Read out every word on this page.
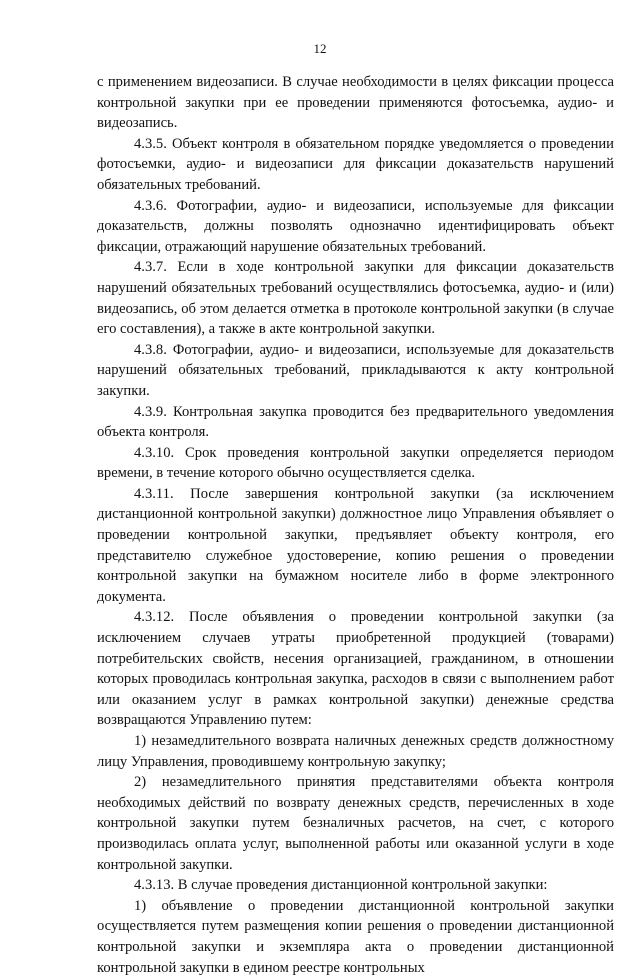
12

с применением видеозаписи. В случае необходимости в целях фиксации процесса контрольной закупки при ее проведении применяются фотосъемка, аудио- и видеозапись.

4.3.5. Объект контроля в обязательном порядке уведомляется о проведении фотосъемки, аудио- и видеозаписи для фиксации доказательств нарушений обязательных требований.

4.3.6. Фотографии, аудио- и видеозаписи, используемые для фиксации доказательств, должны позволять однозначно идентифицировать объект фиксации, отражающий нарушение обязательных требований.

4.3.7. Если в ходе контрольной закупки для фиксации доказательств нарушений обязательных требований осуществлялись фотосъемка, аудио- и (или) видеозапись, об этом делается отметка в протоколе контрольной закупки (в случае его составления), а также в акте контрольной закупки.

4.3.8. Фотографии, аудио- и видеозаписи, используемые для доказательств нарушений обязательных требований, прикладываются к акту контрольной закупки.

4.3.9. Контрольная закупка проводится без предварительного уведомления объекта контроля.

4.3.10. Срок проведения контрольной закупки определяется периодом времени, в течение которого обычно осуществляется сделка.

4.3.11. После завершения контрольной закупки (за исключением дистанционной контрольной закупки) должностное лицо Управления объявляет о проведении контрольной закупки, предъявляет объекту контроля, его представителю служебное удостоверение, копию решения о проведении контрольной закупки на бумажном носителе либо в форме электронного документа.

4.3.12. После объявления о проведении контрольной закупки (за исключением случаев утраты приобретенной продукцией (товарами) потребительских свойств, несения организацией, гражданином, в отношении которых проводилась контрольная закупка, расходов в связи с выполнением работ или оказанием услуг в рамках контрольной закупки) денежные средства возвращаются Управлению путем:

1) незамедлительного возврата наличных денежных средств должностному лицу Управления, проводившему контрольную закупку;

2) незамедлительного принятия представителями объекта контроля необходимых действий по возврату денежных средств, перечисленных в ходе контрольной закупки путем безналичных расчетов, на счет, с которого производилась оплата услуг, выполненной работы или оказанной услуги в ходе контрольной закупки.

4.3.13. В случае проведения дистанционной контрольной закупки:

1) объявление о проведении дистанционной контрольной закупки осуществляется путем размещения копии решения о проведении дистанционной контрольной закупки и экземпляра акта о проведении дистанционной контрольной закупки в едином реестре контрольных
